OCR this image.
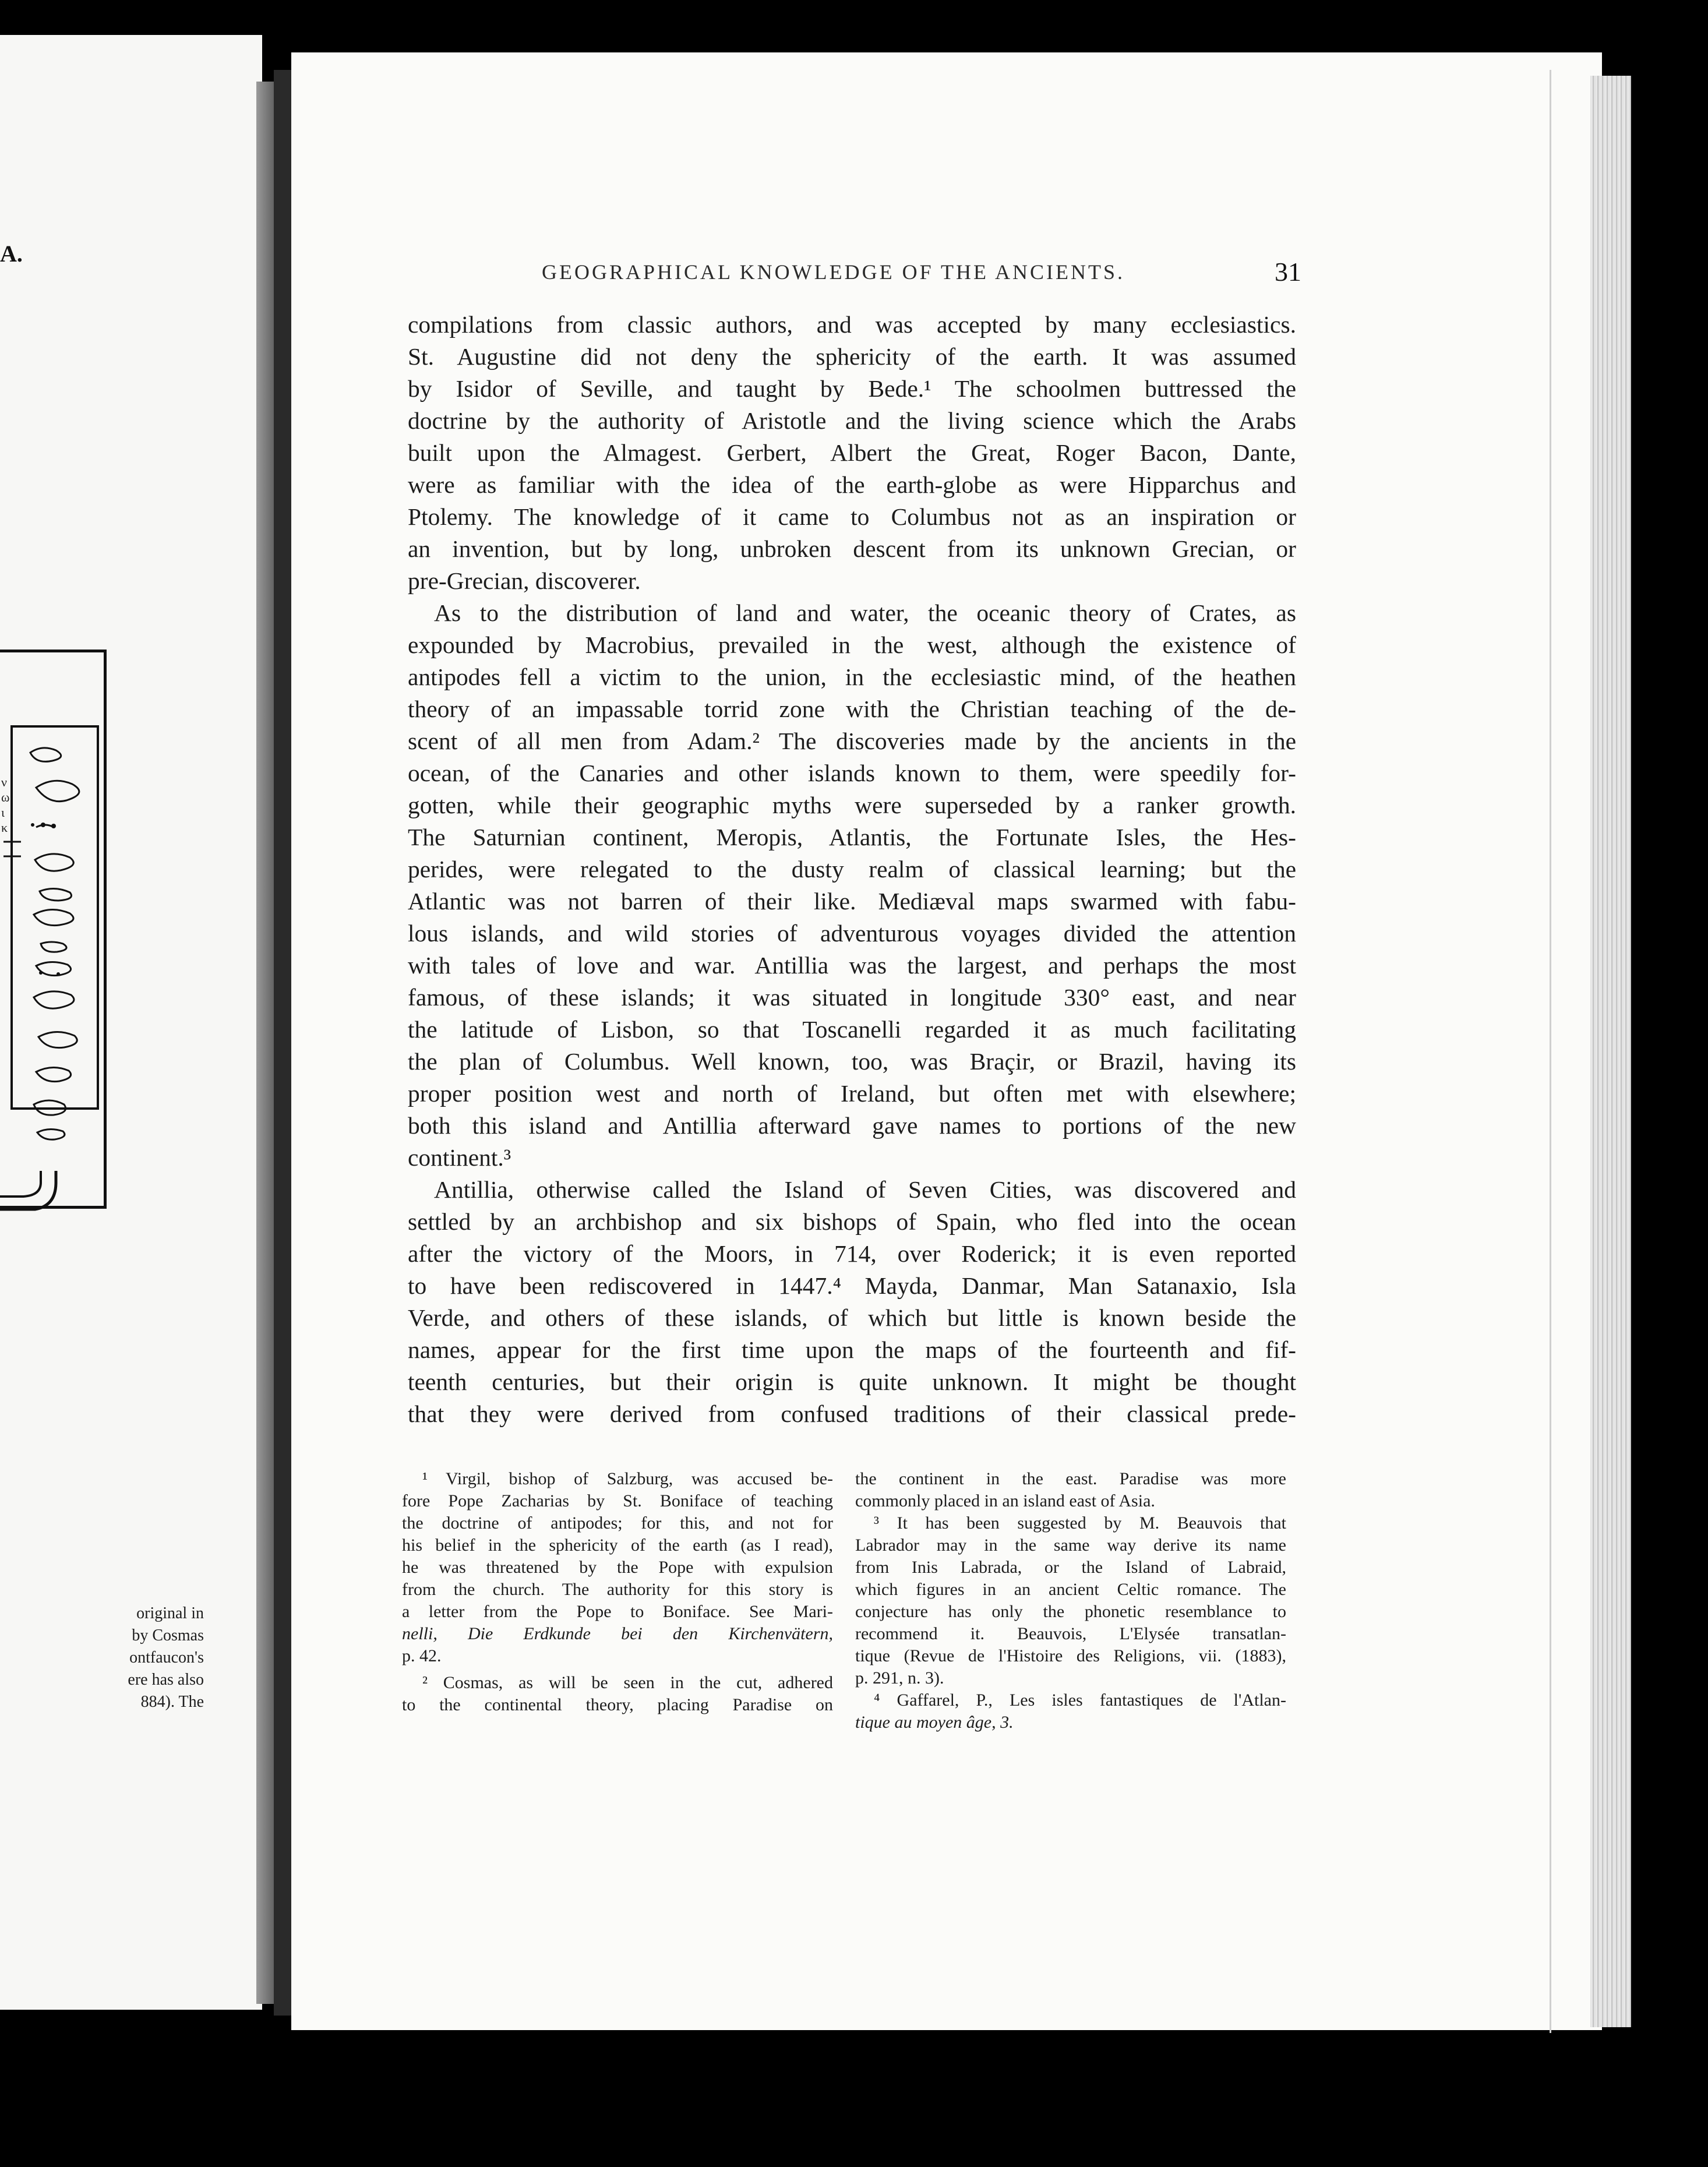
A.
original in
by Cosmas
ontfaucon's
ere has also
884). The
ν
ω
ι
κ
GEOGRAPHICAL KNOWLEDGE OF THE ANCIENTS.	31
compilations from classic authors, and was accepted by many ecclesiastics.
St. Augustine did not deny the sphericity of the earth. It was assumed
by Isidor of Seville, and taught by Bede.¹ The schoolmen buttressed the
doctrine by the authority of Aristotle and the living science which the Arabs
built upon the Almagest. Gerbert, Albert the Great, Roger Bacon, Dante,
were as familiar with the idea of the earth-globe as were Hipparchus and
Ptolemy. The knowledge of it came to Columbus not as an inspiration or
an invention, but by long, unbroken descent from its unknown Grecian, or
pre-Grecian, discoverer.
As to the distribution of land and water, the oceanic theory of Crates, as
expounded by Macrobius, prevailed in the west, although the existence of
antipodes fell a victim to the union, in the ecclesiastic mind, of the heathen
theory of an impassable torrid zone with the Christian teaching of the de-
scent of all men from Adam.² The discoveries made by the ancients in the
ocean, of the Canaries and other islands known to them, were speedily for-
gotten, while their geographic myths were superseded by a ranker growth.
The Saturnian continent, Meropis, Atlantis, the Fortunate Isles, the Hes-
perides, were relegated to the dusty realm of classical learning; but the
Atlantic was not barren of their like. Mediæval maps swarmed with fabu-
lous islands, and wild stories of adventurous voyages divided the attention
with tales of love and war. Antillia was the largest, and perhaps the most
famous, of these islands; it was situated in longitude 330° east, and near
the latitude of Lisbon, so that Toscanelli regarded it as much facilitating
the plan of Columbus. Well known, too, was Braçir, or Brazil, having its
proper position west and north of Ireland, but often met with elsewhere;
both this island and Antillia afterward gave names to portions of the new
continent.³
Antillia, otherwise called the Island of Seven Cities, was discovered and
settled by an archbishop and six bishops of Spain, who fled into the ocean
after the victory of the Moors, in 714, over Roderick; it is even reported
to have been rediscovered in 1447.⁴ Mayda, Danmar, Man Satanaxio, Isla
Verde, and others of these islands, of which but little is known beside the
names, appear for the first time upon the maps of the fourteenth and fif-
teenth centuries, but their origin is quite unknown. It might be thought
that they were derived from confused traditions of their classical prede-
¹ Virgil, bishop of Salzburg, was accused be-
fore Pope Zacharias by St. Boniface of teaching
the doctrine of antipodes; for this, and not for
his belief in the sphericity of the earth (as I read),
he was threatened by the Pope with expulsion
from the church. The authority for this story is
a letter from the Pope to Boniface. See Mari-
nelli, Die Erdkunde bei den Kirchenvätern,
p. 42.
² Cosmas, as will be seen in the cut, adhered
to the continental theory, placing Paradise on
the continent in the east. Paradise was more
commonly placed in an island east of Asia.
³ It has been suggested by M. Beauvois that
Labrador may in the same way derive its name
from Inis Labrada, or the Island of Labraid,
which figures in an ancient Celtic romance. The
conjecture has only the phonetic resemblance to
recommend it. Beauvois, L'Elysée transatlan-
tique (Revue de l'Histoire des Religions, vii. (1883),
p. 291, n. 3).
⁴ Gaffarel, P., Les isles fantastiques de l'Atlan-
tique au moyen âge, 3.
